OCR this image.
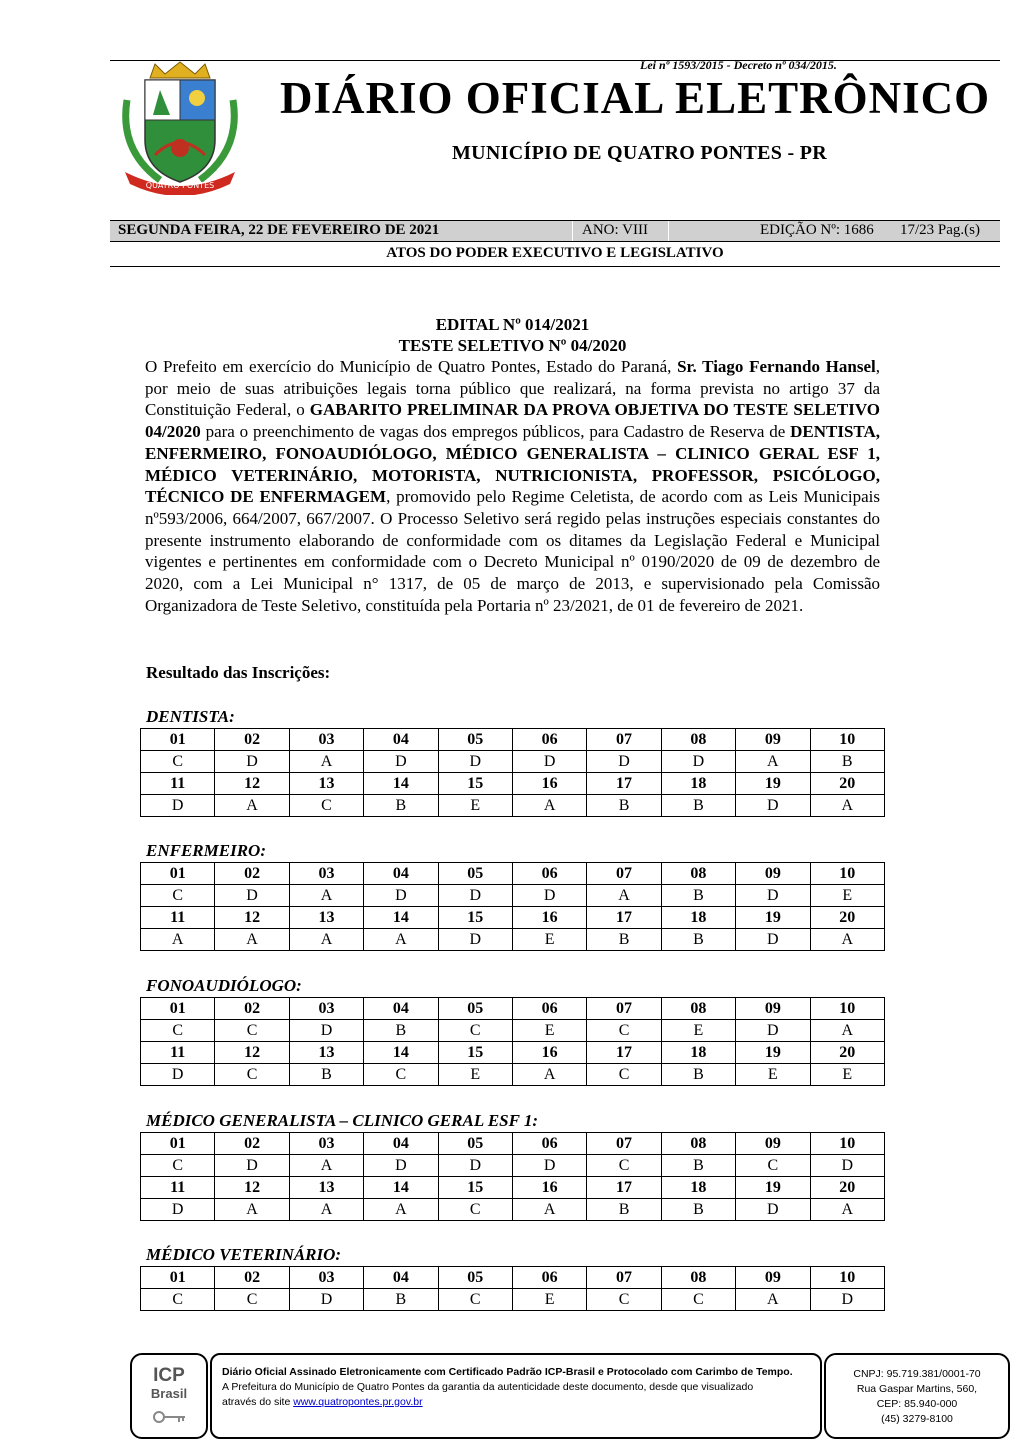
Lei nº 1593/2015 - Decreto nº 034/2015.
QUATRO PONTES
DIÁRIO OFICIAL ELETRÔNICO
MUNICÍPIO DE QUATRO PONTES - PR
SEGUNDA FEIRA, 22 DE FEVEREIRO DE 2021	ANO: VIII	EDIÇÃO Nº: 1686 17/23 Pag.(s)
ATOS DO PODER EXECUTIVO E LEGISLATIVO
EDITAL Nº 014/2021
TESTE SELETIVO Nº 04/2020
O Prefeito em exercício do Município de Quatro Pontes, Estado do Paraná, Sr. Tiago Fernando Hansel, por meio de suas atribuições legais torna público que realizará, na forma prevista no artigo 37 da Constituição Federal, o GABARITO PRELIMINAR DA PROVA OBJETIVA DO TESTE SELETIVO 04/2020 para o preenchimento de vagas dos empregos públicos, para Cadastro de Reserva de DENTISTA, ENFERMEIRO, FONOAUDIÓLOGO, MÉDICO GENERALISTA – CLINICO GERAL ESF 1, MÉDICO VETERINÁRIO, MOTORISTA, NUTRICIONISTA, PROFESSOR, PSICÓLOGO, TÉCNICO DE ENFERMAGEM, promovido pelo Regime Celetista, de acordo com as Leis Municipais nº593/2006, 664/2007, 667/2007. O Processo Seletivo será regido pelas instruções especiais constantes do presente instrumento elaborando de conformidade com os ditames da Legislação Federal e Municipal vigentes e pertinentes em conformidade com o Decreto Municipal nº 0190/2020 de 09 de dezembro de 2020, com a Lei Municipal n° 1317, de 05 de março de 2013, e supervisionado pela Comissão Organizadora de Teste Seletivo, constituída pela Portaria nº 23/2021, de 01 de fevereiro de 2021.
Resultado das Inscrições:
DENTISTA:
01	02	03	04	05	06	07	08	09	10
C	D	A	D	D	D	D	D	A	B
11	12	13	14	15	16	17	18	19	20
D	A	C	B	E	A	B	B	D	A
ENFERMEIRO:
01	02	03	04	05	06	07	08	09	10
C	D	A	D	D	D	A	B	D	E
11	12	13	14	15	16	17	18	19	20
A	A	A	A	D	E	B	B	D	A
FONOAUDIÓLOGO:
01	02	03	04	05	06	07	08	09	10
C	C	D	B	C	E	C	E	D	A
11	12	13	14	15	16	17	18	19	20
D	C	B	C	E	A	C	B	E	E
MÉDICO GENERALISTA – CLINICO GERAL ESF 1:
01	02	03	04	05	06	07	08	09	10
C	D	A	D	D	D	C	B	C	D
11	12	13	14	15	16	17	18	19	20
D	A	A	A	C	A	B	B	D	A
MÉDICO VETERINÁRIO:
01	02	03	04	05	06	07	08	09	10
C	C	D	B	C	E	C	C	A	D
ICP
Brasil
Diário Oficial Assinado Eletronicamente com Certificado Padrão ICP-Brasil e Protocolado com Carimbo de Tempo.
A Prefeitura do Município de Quatro Pontes da garantia da autenticidade deste documento, desde que visualizado
através do site www.quatropontes.pr.gov.br
CNPJ: 95.719.381/0001-70
Rua Gaspar Martins, 560,
CEP: 85.940-000
(45) 3279-8100
